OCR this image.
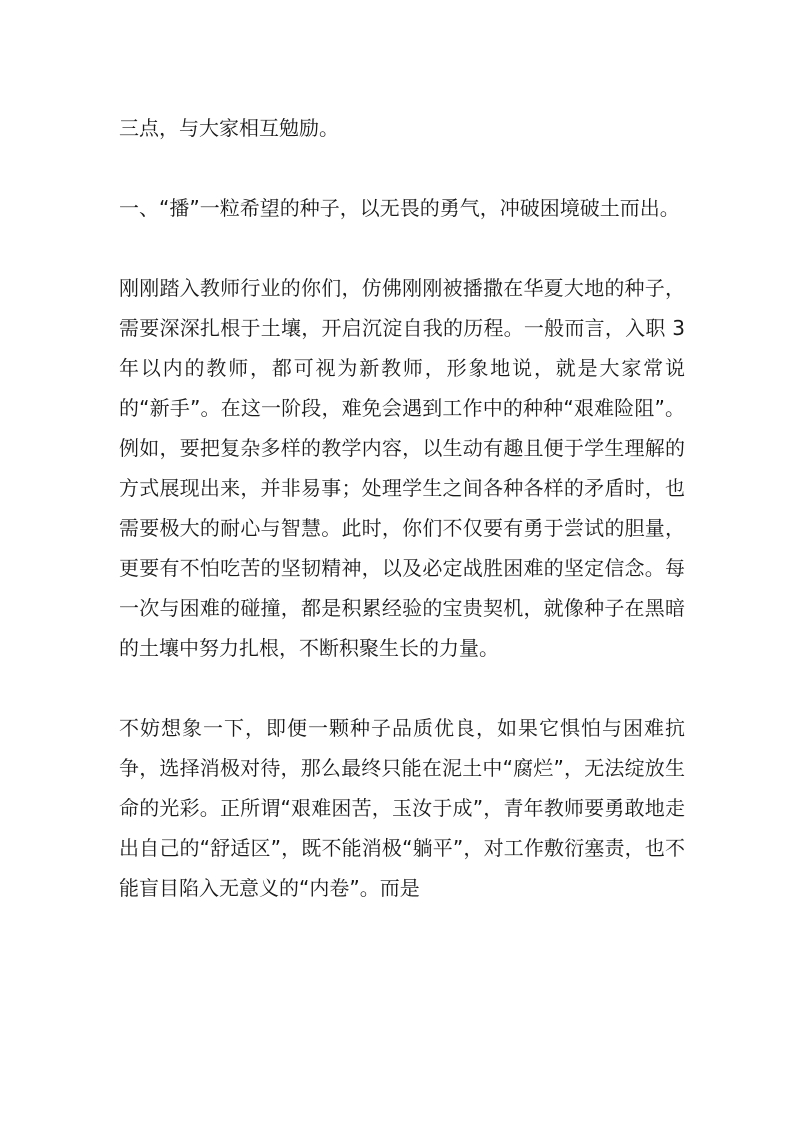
三点，与大家相互勉励。

一、“播”一粒希望的种子，以无畏的勇气，冲破困境破土而出。

刚刚踏入教师行业的你们，仿佛刚刚被播撒在华夏大地的种子，需要深深扎根于土壤，开启沉淀自我的历程。一般而言，入职 3 年以内的教师，都可视为新教师，形象地说，就是大家常说的“新手”。在这一阶段，难免会遇到工作中的种种“艰难险阻”。例如，要把复杂多样的教学内容，以生动有趣且便于学生理解的方式展现出来，并非易事；处理学生之间各种各样的矛盾时，也需要极大的耐心与智慧。此时，你们不仅要有勇于尝试的胆量，更要有不怕吃苦的坚韧精神，以及必定战胜困难的坚定信念。每一次与困难的碰撞，都是积累经验的宝贵契机，就像种子在黑暗的土壤中努力扎根，不断积聚生长的力量。

不妨想象一下，即便一颗种子品质优良，如果它惧怕与困难抗争，选择消极对待，那么最终只能在泥土中“腐烂”，无法绽放生命的光彩。正所谓“艰难困苦，玉汝于成”，青年教师要勇敢地走出自己的“舒适区”，既不能消极“躺平”，对工作敷衍塞责，也不能盲目陷入无意义的“内卷”。而是
